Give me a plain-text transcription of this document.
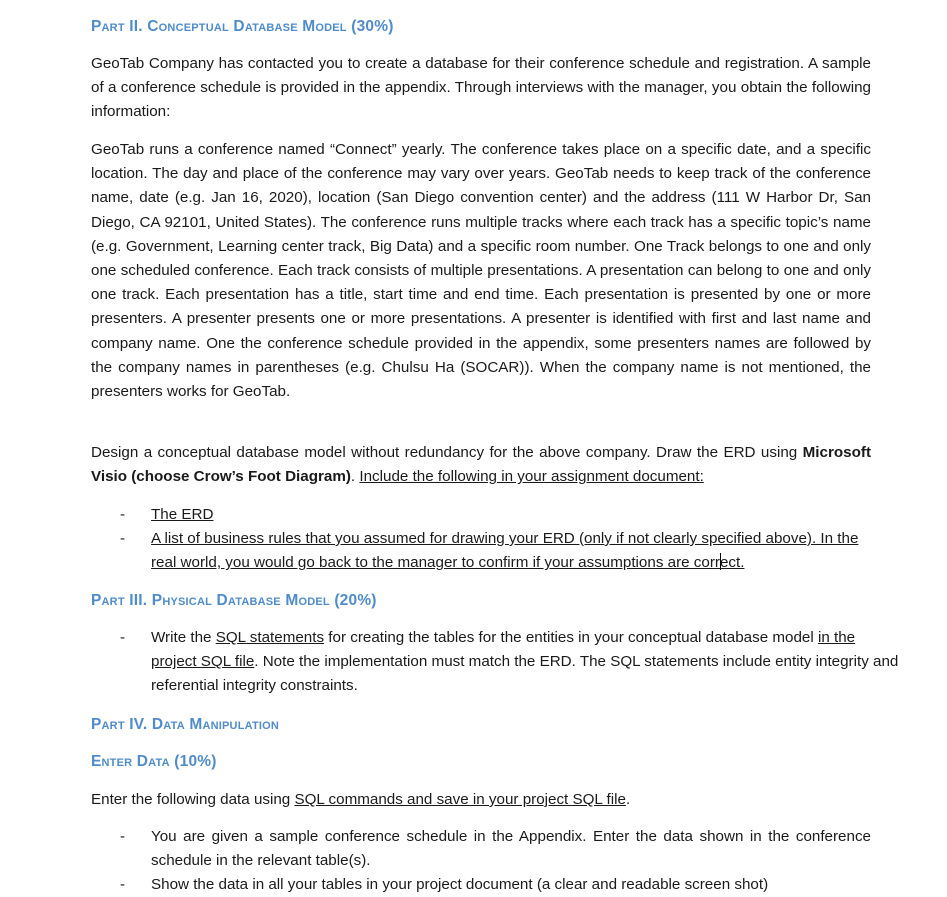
Part II. Conceptual Database Model (30%)

GeoTab Company has contacted you to create a database for their conference schedule and registration. A sample of a conference schedule is provided in the appendix. Through interviews with the manager, you obtain the following information:

GeoTab runs a conference named “Connect” yearly. The conference takes place on a specific date, and a specific location. The day and place of the conference may vary over years. GeoTab needs to keep track of the conference name, date (e.g. Jan 16, 2020), location (San Diego convention center) and the address (111 W Harbor Dr, San Diego, CA 92101, United States). The conference runs multiple tracks where each track has a specific topic’s name (e.g. Government, Learning center track, Big Data) and a specific room number. One Track belongs to one and only one scheduled conference. Each track consists of multiple presentations. A presentation can belong to one and only one track. Each presentation has a title, start time and end time. Each presentation is presented by one or more presenters. A presenter presents one or more presentations. A presenter is identified with first and last name and company name. One the conference schedule provided in the appendix, some presenters names are followed by the company names in parentheses (e.g. Chulsu Ha (SOCAR)). When the company name is not mentioned, the presenters works for GeoTab.

Design a conceptual database model without redundancy for the above company. Draw the ERD using Microsoft Visio (choose Crow’s Foot Diagram). Include the following in your assignment document:

- The ERD
- A list of business rules that you assumed for drawing your ERD (only if not clearly specified above). In the real world, you would go back to the manager to confirm if your assumptions are correct.
Part III. Physical Database Model (20%)
- Write the SQL statements for creating the tables for the entities in your conceptual database model in the project SQL file. Note the implementation must match the ERD. The SQL statements include entity integrity and referential integrity constraints.
Part IV. Data Manipulation
Enter Data (10%)

Enter the following data using SQL commands and save in your project SQL file.

- You are given a sample conference schedule in the Appendix. Enter the data shown in the conference schedule in the relevant table(s).
- Show the data in all your tables in your project document (a clear and readable screen shot)
